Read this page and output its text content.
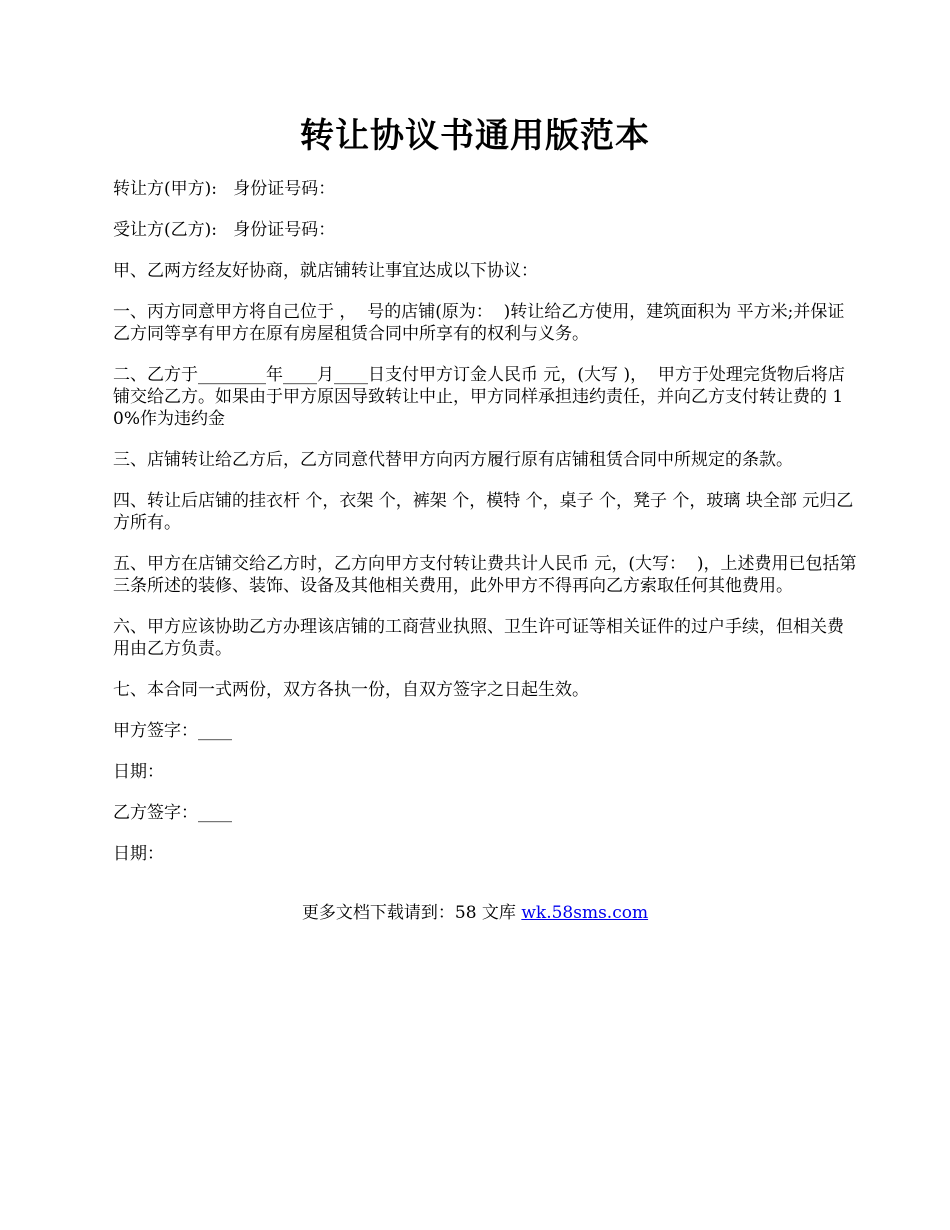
转让协议书通用版范本

转让方(甲方):   身份证号码：

受让方(乙方):   身份证号码：

甲、乙两方经友好协商，就店铺转让事宜达成以下协议：

一、丙方同意甲方将自己位于 ，  号的店铺(原为：  )转让给乙方使用，建筑面积为 平方米;并保证乙方同等享有甲方在原有房屋租赁合同中所享有的权利与义务。

二、乙方于________年____月____日支付甲方订金人民币 元，(大写 )，  甲方于处理完货物后将店铺交给乙方。如果由于甲方原因导致转让中止，甲方同样承担违约责任，并向乙方支付转让费的 10%作为违约金

三、店铺转让给乙方后，乙方同意代替甲方向丙方履行原有店铺租赁合同中所规定的条款。

四、转让后店铺的挂衣杆 个，衣架 个，裤架 个，模特 个，桌子 个，凳子 个，玻璃 块全部 元归乙方所有。

五、甲方在店铺交给乙方时，乙方向甲方支付转让费共计人民币 元，(大写：  )，上述费用已包括第三条所述的装修、装饰、设备及其他相关费用，此外甲方不得再向乙方索取任何其他费用。

六、甲方应该协助乙方办理该店铺的工商营业执照、卫生许可证等相关证件的过户手续，但相关费用由乙方负责。

七、本合同一式两份，双方各执一份，自双方签字之日起生效。

甲方签字：____

日期：

乙方签字：____

日期：

更多文档下载请到：58 文库 wk.58sms.com
